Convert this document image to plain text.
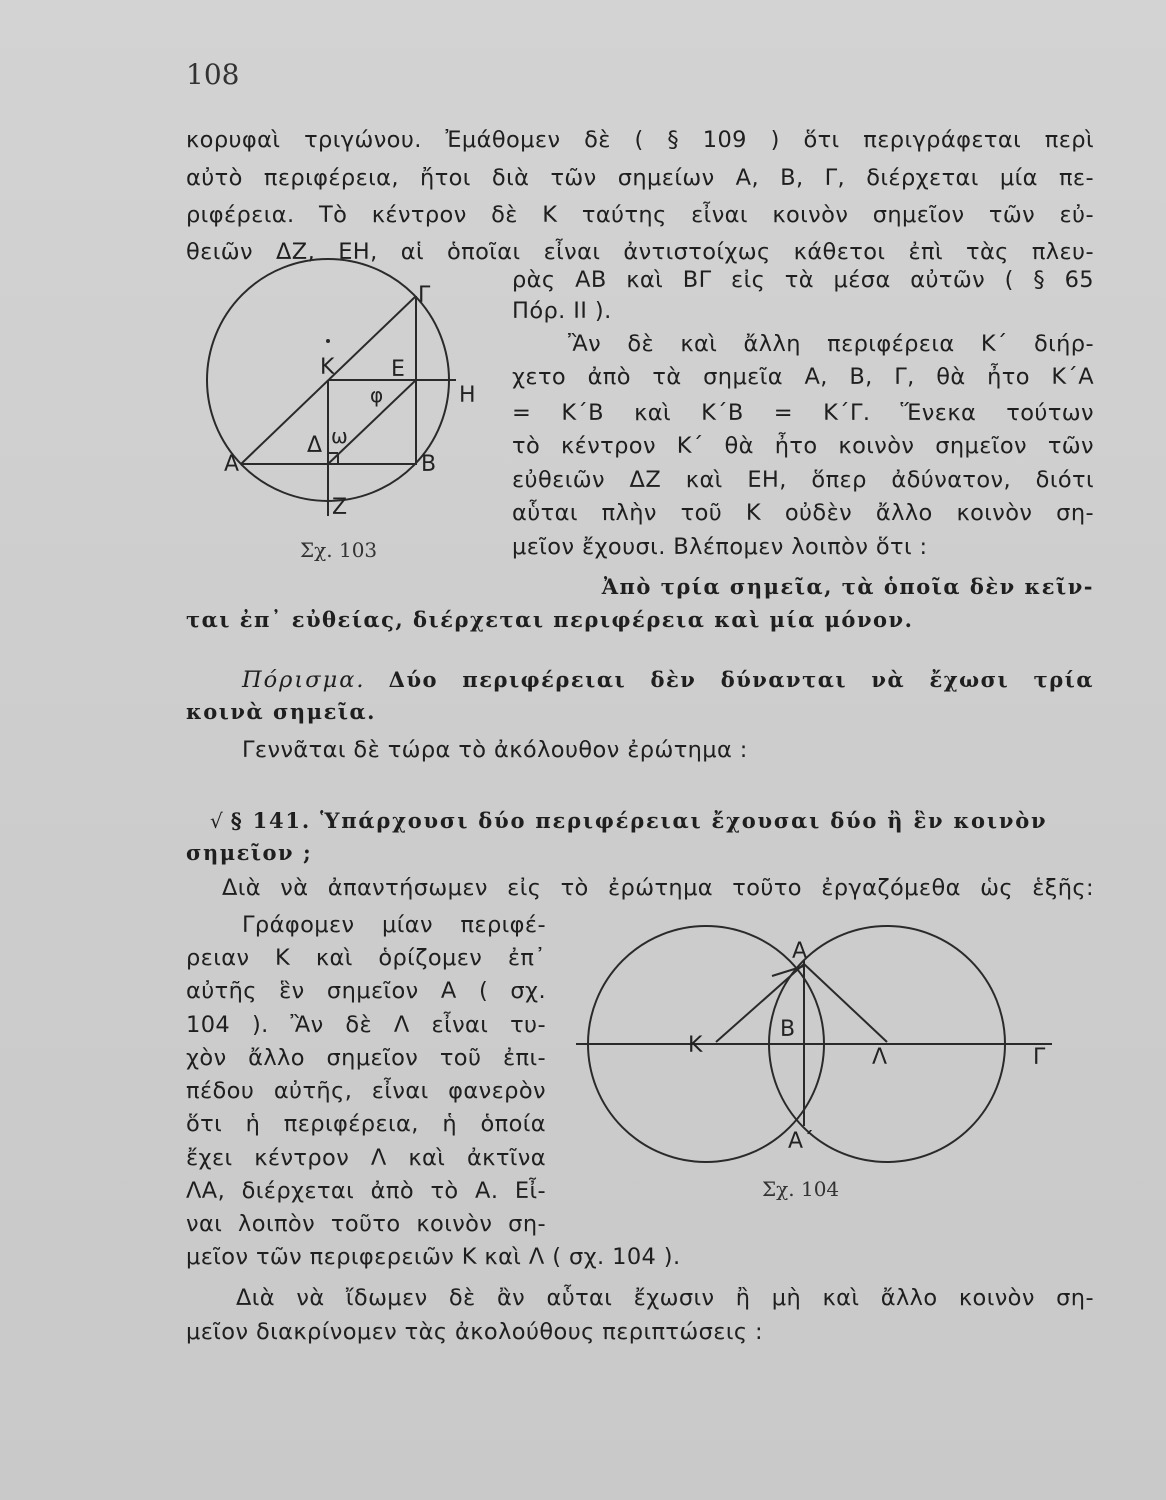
108
κορυφαὶ τριγώνου. Ἐμάθομεν δὲ ( § 109 ) ὅτι περιγράφεται περὶ
αὐτὸ περιφέρεια, ἤτοι διὰ τῶν σημείων Α, Β, Γ, διέρχεται μία πε-
ριφέρεια. Τὸ κέντρον δὲ Κ ταύτης εἶναι κοινὸν σημεῖον τῶν εὐ-
θειῶν ΔΖ, ΕΗ, αἱ ὁποῖαι εἶναι ἀντιστοίχως κάθετοι ἐπὶ τὰς πλευ-
ρὰς ΑΒ καὶ ΒΓ εἰς τὰ μέσα αὐτῶν ( § 65
Πόρ. ΙΙ ).
Ἂν δὲ καὶ ἄλλη περιφέρεια Κ΄ διήρ-
χετο ἀπὸ τὰ σημεῖα Α, Β, Γ, θὰ ἦτο Κ΄Α
= Κ΄Β καὶ Κ΄Β = Κ΄Γ. Ἕνεκα τούτων
τὸ κέντρον Κ΄ θὰ ἦτο κοινὸν σημεῖον τῶν
εὐθειῶν ΔΖ καὶ ΕΗ, ὅπερ ἀδύνατον, διότι
αὗται πλὴν τοῦ Κ οὐδὲν ἄλλο κοινὸν ση-
μεῖον ἔχουσι. Βλέπομεν λοιπὸν ὅτι :
Γ
Κ	Ε
Η
φ
ω
Δ
Α	Β
Ζ
Σχ. 103
Ἀπὸ τρία σημεῖα, τὰ ὁποῖα δὲν κεῖν-
ται ἐπ᾽ εὐθείας, διέρχεται περιφέρεια καὶ μία μόνον.
Πόρισμα. Δύο περιφέρειαι δὲν δύνανται νὰ ἔχωσι τρία
κοινὰ σημεῖα.
Γεννᾶται δὲ τώρα τὸ ἀκόλουθον ἐρώτημα :
√ § 141. Ὑπάρχουσι δύο περιφέρειαι ἔχουσαι δύο ἢ ἓν κοινὸν
σημεῖον ;
Διὰ νὰ ἀπαντήσωμεν εἰς τὸ ἐρώτημα τοῦτο ἐργαζόμεθα ὡς ἑξῆς:
Γράφομεν μίαν περιφέ-
ρειαν Κ καὶ ὁρίζομεν ἐπ᾽
αὐτῆς ἓν σημεῖον Α ( σχ.
104 ). Ἂν δὲ Λ εἶναι τυ-
χὸν ἄλλο σημεῖον τοῦ ἐπι-
πέδου αὐτῆς, εἶναι φανερὸν
ὅτι ἡ περιφέρεια, ἡ ὁποία
ἔχει κέντρον Λ καὶ ἀκτῖνα
ΛΑ, διέρχεται ἀπὸ τὸ Α. Εἶ-
ναι λοιπὸν τοῦτο κοινὸν ση-
Α
Κ
Β
Λ	Γ
Α΄
Σχ. 104
μεῖον τῶν περιφερειῶν Κ καὶ Λ ( σχ. 104 ).
Διὰ νὰ ἴδωμεν δὲ ἂν αὗται ἔχωσιν ἢ μὴ καὶ ἄλλο κοινὸν ση-
μεῖον διακρίνομεν τὰς ἀκολούθους περιπτώσεις :
